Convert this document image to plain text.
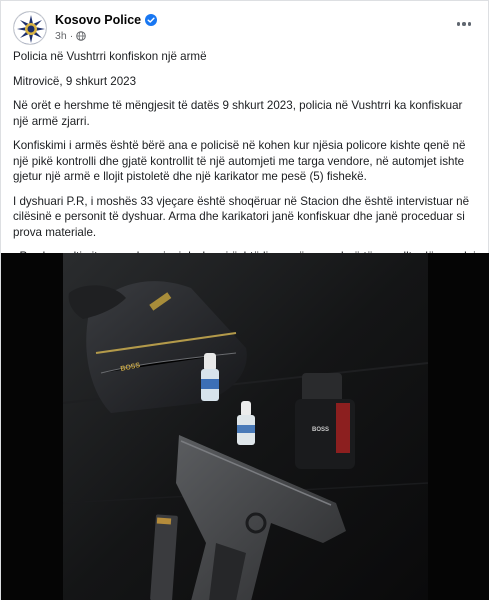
Kosovo Police
3h ·

Policia në Vushtrri konfiskon një armë

Mitrovicë, 9 shkurt 2023

Në orët e hershme të mëngjesit të datës 9 shkurt 2023, policia në Vushtrri ka konfiskuar një armë zjarri.

Konfiskimi i armës është bërë ana e policisë në kohen kur njësia policore kishte qenë në një pikë kontrolli dhe gjatë kontrollit të një automjeti me targa vendore, në automjet ishte gjetur një armë e llojit pistoletë dhe një karikator me pesë (5) fishekë.

I dyshuari P.R, i moshës 33 vjeçare është shoqëruar në Stacion dhe është intervistuar në cilësinë e personit të dyshuar. Arma dhe karikatori janë konfiskuar dhe janë proceduar si prova materiale.

BOSS
BOSS
